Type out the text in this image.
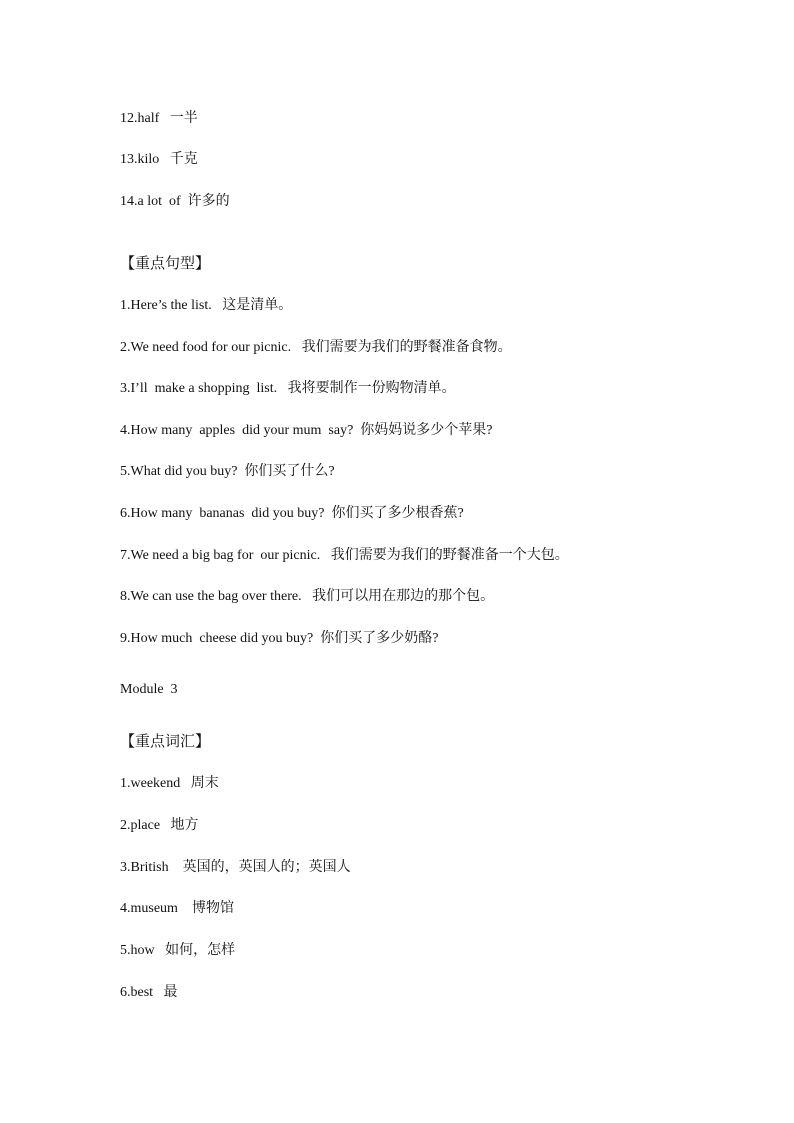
12.half   一半
13.kilo   千克
14.a lot  of  许多的
【重点句型】
1.Here’s the list.   这是清单。
2.We need food for our picnic.   我们需要为我们的野餐准备食物。
3.I’ll  make a shopping  list.   我将要制作一份购物清单。
4.How many  apples  did your mum  say?  你妈妈说多少个苹果?
5.What did you buy?  你们买了什么?
6.How many  bananas  did you buy?  你们买了多少根香蕉?
7.We need a big bag for  our picnic.   我们需要为我们的野餐准备一个大包。
8.We can use the bag over there.   我们可以用在那边的那个包。
9.How much  cheese did you buy?  你们买了多少奶酪?
Module  3
【重点词汇】
1.weekend   周末
2.place   地方
3.British    英国的，英国人的；英国人
4.museum    博物馆
5.how   如何，怎样
6.best   最
